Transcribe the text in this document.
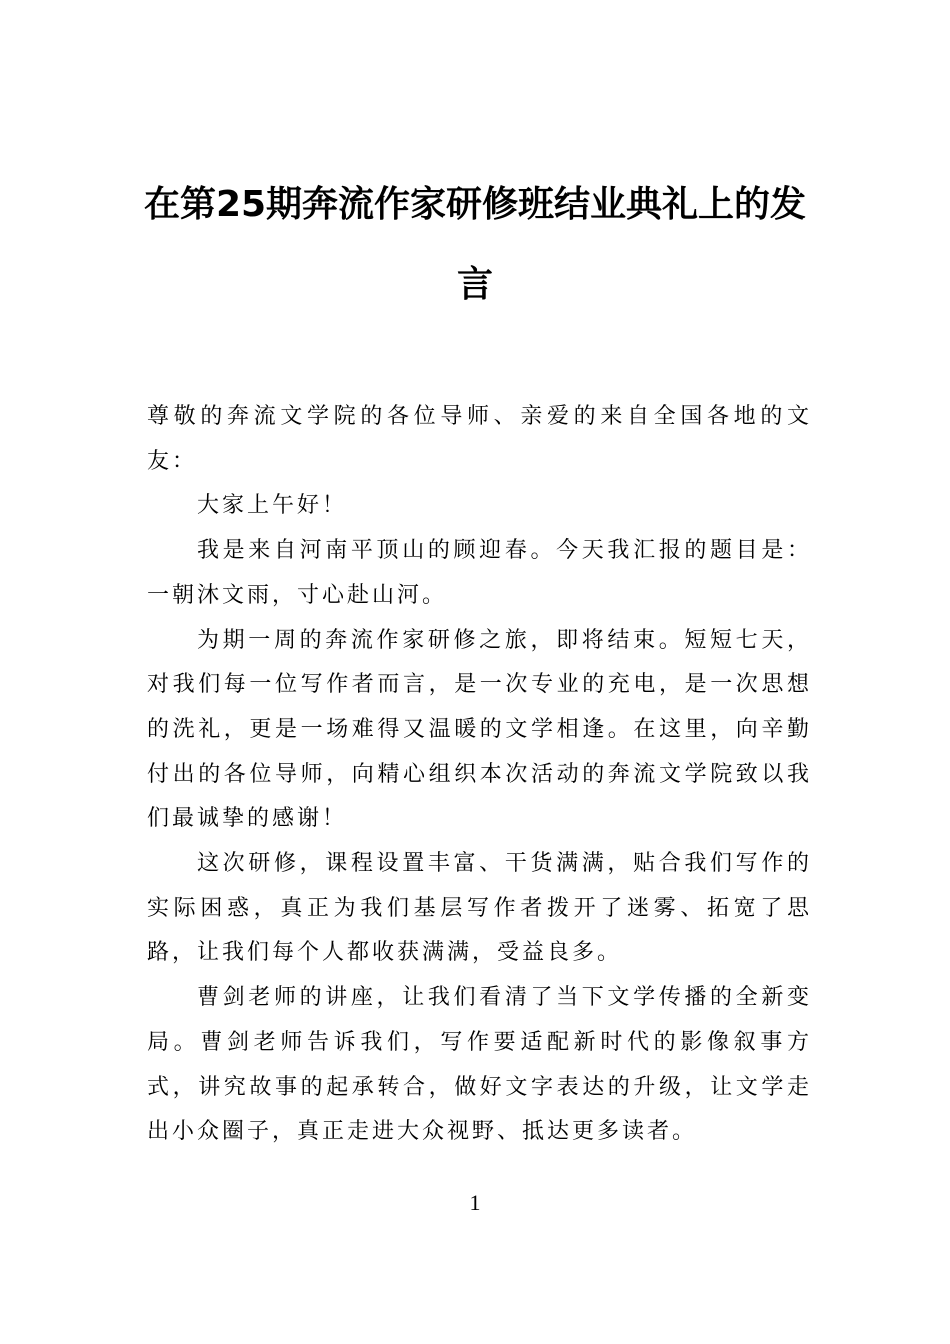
在第25期奔流作家研修班结业典礼上的发言

尊敬的奔流文学院的各位导师、亲爱的来自全国各地的文友：

大家上午好！

我是来自河南平顶山的顾迎春。今天我汇报的题目是：一朝沐文雨，寸心赴山河。

为期一周的奔流作家研修之旅，即将结束。短短七天，对我们每一位写作者而言，是一次专业的充电，是一次思想的洗礼，更是一场难得又温暖的文学相逢。在这里，向辛勤付出的各位导师，向精心组织本次活动的奔流文学院致以我们最诚挚的感谢！

这次研修，课程设置丰富、干货满满，贴合我们写作的实际困惑，真正为我们基层写作者拨开了迷雾、拓宽了思路，让我们每个人都收获满满，受益良多。

曹剑老师的讲座，让我们看清了当下文学传播的全新变局。曹剑老师告诉我们，写作要适配新时代的影像叙事方式，讲究故事的起承转合，做好文字表达的升级，让文学走出小众圈子，真正走进大众视野、抵达更多读者。

1
